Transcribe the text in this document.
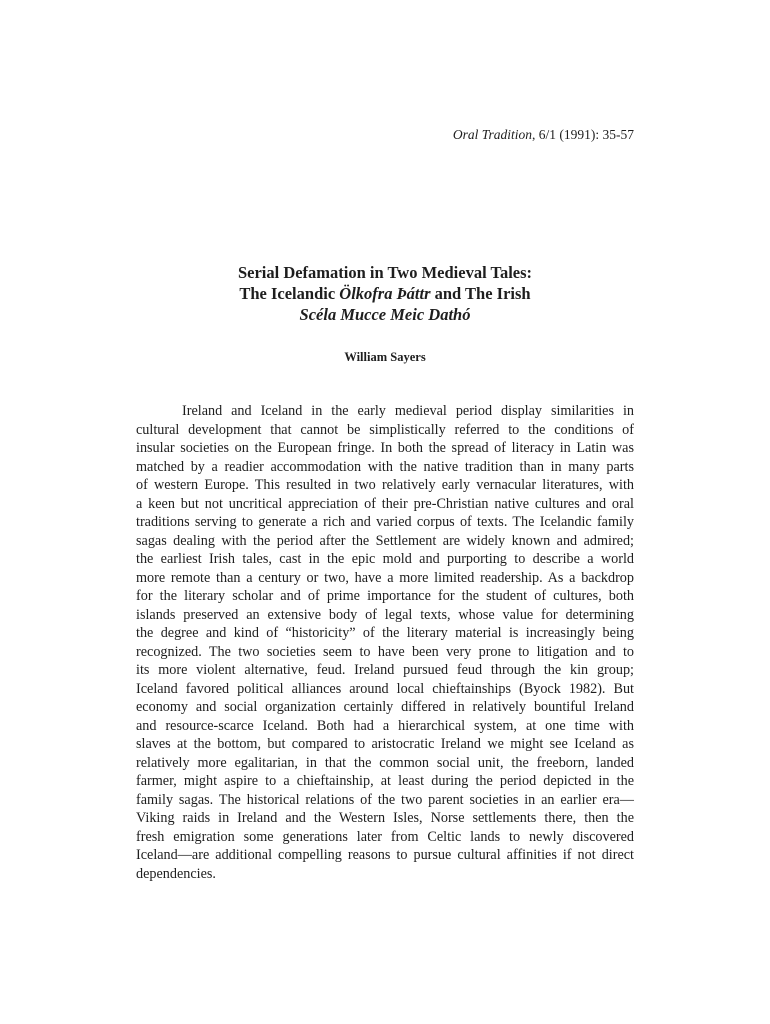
Oral Tradition, 6/1 (1991): 35-57
Serial Defamation in Two Medieval Tales:
The Icelandic Ölkofra Þáttr and The Irish
Scéla Mucce Meic Dathó
William Sayers
Ireland and Iceland in the early medieval period display similarities in
cultural development that cannot be simplistically referred to the conditions of
insular societies on the European fringe. In both the spread of literacy in Latin was
matched by a readier accommodation with the native tradition than in many parts
of western Europe. This resulted in two relatively early vernacular literatures, with
a keen but not uncritical appreciation of their pre-Christian native cultures and oral
traditions serving to generate a rich and varied corpus of texts. The Icelandic family
sagas dealing with the period after the Settlement are widely known and admired;
the earliest Irish tales, cast in the epic mold and purporting to describe a world
more remote than a century or two, have a more limited readership. As a backdrop
for the literary scholar and of prime importance for the student of cultures, both
islands preserved an extensive body of legal texts, whose value for determining
the degree and kind of “historicity” of the literary material is increasingly being
recognized. The two societies seem to have been very prone to litigation and to
its more violent alternative, feud. Ireland pursued feud through the kin group;
Iceland favored political alliances around local chieftainships (Byock 1982). But
economy and social organization certainly differed in relatively bountiful Ireland
and resource-scarce Iceland. Both had a hierarchical system, at one time with
slaves at the bottom, but compared to aristocratic Ireland we might see Iceland as
relatively more egalitarian, in that the common social unit, the freeborn, landed
farmer, might aspire to a chieftainship, at least during the period depicted in the
family sagas. The historical relations of the two parent societies in an earlier era—
Viking raids in Ireland and the Western Isles, Norse settlements there, then the
fresh emigration some generations later from Celtic lands to newly discovered
Iceland—are additional compelling reasons to pursue cultural affinities if not direct
dependencies.
